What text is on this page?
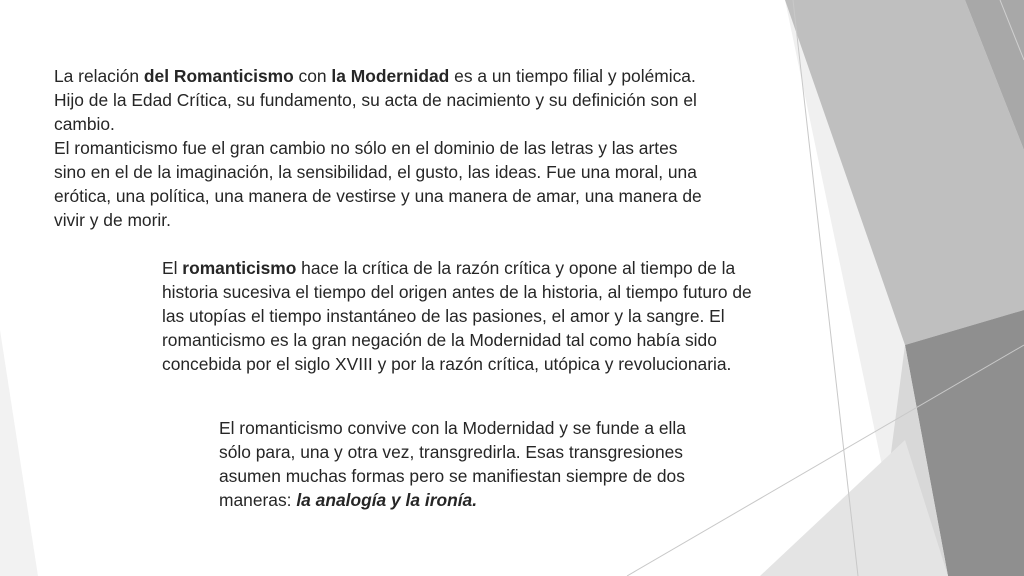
La relación del Romanticismo con la Modernidad es a un tiempo filial y polémica.
Hijo de la Edad Crítica, su fundamento, su acta de nacimiento y su definición son el
cambio.
El romanticismo fue el gran cambio no sólo en el dominio de las letras y las artes
sino en el de la imaginación, la sensibilidad, el gusto, las ideas. Fue una moral, una
erótica, una política, una manera de vestirse y una manera de amar, una manera de
vivir y de morir.
El romanticismo hace la crítica de la razón crítica y opone al tiempo de la
historia sucesiva el tiempo del origen antes de la historia, al tiempo futuro de
las utopías el tiempo instantáneo de las pasiones, el amor y la sangre. El
romanticismo es la gran negación de la Modernidad tal como había sido
concebida por el siglo XVIII y por la razón crítica, utópica y revolucionaria.
El romanticismo convive con la Modernidad y se funde a ella
sólo para, una y otra vez, transgredirla. Esas transgresiones
asumen muchas formas pero se manifiestan siempre de dos
maneras: la analogía y la ironía.
